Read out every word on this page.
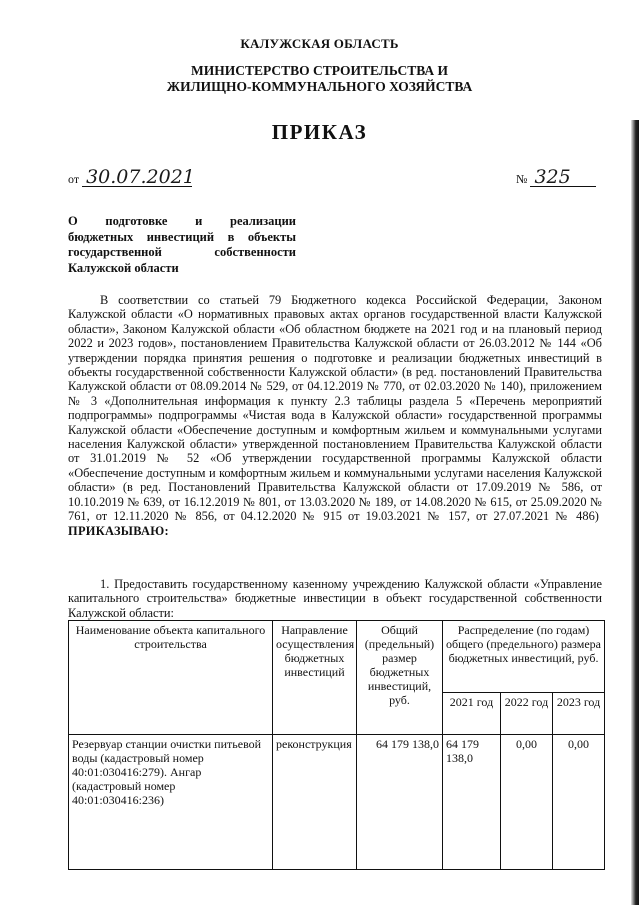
КАЛУЖСКАЯ ОБЛАСТЬ
МИНИСТЕРСТВО СТРОИТЕЛЬСТВА И
ЖИЛИЩНО-КОММУНАЛЬНОГО ХОЗЯЙСТВА
ПРИКАЗ
от 30.07.2021	№ 325
О подготовке и реализации
бюджетных инвестиций в объекты
государственной собственности
Калужской области

В соответствии со статьей 79 Бюджетного кодекса Российской Федерации, Законом Калужской области «О нормативных правовых актах органов государственной власти Калужской области», Законом Калужской области «Об областном бюджете на 2021 год и на плановый период 2022 и 2023 годов», постановлением Правительства Калужской области от 26.03.2012 № 144 «Об утверждении порядка принятия решения о подготовке и реализации бюджетных инвестиций в объекты государственной собственности Калужской области» (в ред. постановлений Правительства Калужской области от 08.09.2014 № 529, от 04.12.2019 № 770, от 02.03.2020 № 140), приложением № 3 «Дополнительная информация к пункту 2.3 таблицы раздела 5 «Перечень мероприятий подпрограммы» подпрограммы «Чистая вода в Калужской области» государственной программы Калужской области «Обеспечение доступным и комфортным жильем и коммунальными услугами населения Калужской области» утвержденной постановлением Правительства Калужской области от 31.01.2019 № 52 «Об утверждении государственной программы Калужской области «Обеспечение доступным и комфортным жильем и коммунальными услугами населения Калужской области» (в ред. Постановлений Правительства Калужской области от 17.09.2019 № 586, от 10.10.2019 № 639, от 16.12.2019 № 801, от 13.03.2020 № 189, от 14.08.2020 № 615, от 25.09.2020 № 761, от 12.11.2020 № 856, от 04.12.2020 № 915 от 19.03.2021 № 157, от 27.07.2021 № 486)  ПРИКАЗЫВАЮ:

1. Предоставить государственному казенному учреждению Калужской области «Управление капитального строительства» бюджетные инвестиции в объект государственной собственности Калужской области:

Наименование объекта капитального строительства	Направление осуществления бюджетных инвестиций	Общий (предельный) размер бюджетных инвестиций, руб.	Распределение (по годам) общего (предельного) размера бюджетных инвестиций, руб.		
			2021 год	2022 год	2023 год
Резервуар станции очистки питьевой воды (кадастровый номер 40:01:030416:279). Ангар (кадастровый номер 40:01:030416:236)	реконструкция	64 179 138,0	64 179 138,0	0,00	0,00
